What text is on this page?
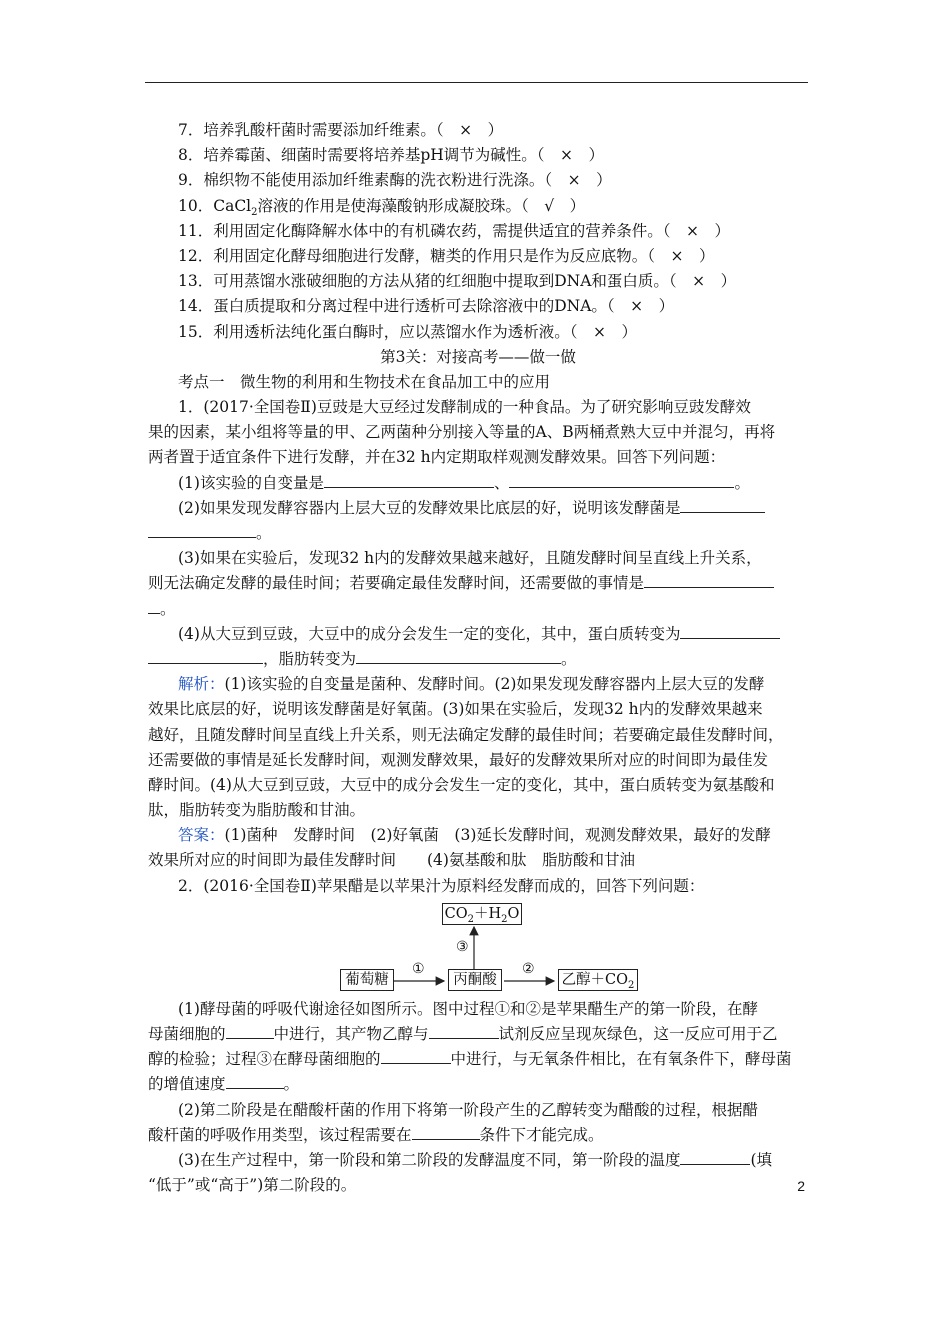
7．培养乳酸杆菌时需要添加纤维素。（　×　）
8．培养霉菌、细菌时需要将培养基pH调节为碱性。（　×　）
9．棉织物不能使用添加纤维素酶的洗衣粉进行洗涤。（　×　）
10．CaCl$_2$溶液的作用是使海藻酸钠形成凝胶珠。（　√　）
11．利用固定化酶降解水体中的有机磷农药，需提供适宜的营养条件。（　×　）
12．利用固定化酵母细胞进行发酵，糖类的作用只是作为反应底物。（　×　）
13．可用蒸馏水涨破细胞的方法从猪的红细胞中提取到DNA和蛋白质。（　×　）
14．蛋白质提取和分离过程中进行透析可去除溶液中的DNA。（　×　）
15．利用透析法纯化蛋白酶时，应以蒸馏水作为透析液。（　×　）
第3关：对接高考——做一做
考点一　微生物的利用和生物技术在食品加工中的应用
1．(2017·全国卷Ⅱ)豆豉是大豆经过发酵制成的一种食品。为了研究影响豆豉发酵效
果的因素，某小组将等量的甲、乙两菌种分别接入等量的A、B两桶煮熟大豆中并混匀，再将
两者置于适宜条件下进行发酵，并在32 h内定期取样观测发酵效果。回答下列问题：
(1)该实验的自变量是	、	。
(2)如果发现发酵容器内上层大豆的发酵效果比底层的好，说明该发酵菌是
。
(3)如果在实验后，发现32 h内的发酵效果越来越好，且随发酵时间呈直线上升关系，
则无法确定发酵的最佳时间；若要确定最佳发酵时间，还需要做的事情是
。
(4)从大豆到豆豉，大豆中的成分会发生一定的变化，其中，蛋白质转变为
，脂肪转变为	。
解析：(1)该实验的自变量是菌种、发酵时间。(2)如果发现发酵容器内上层大豆的发酵
效果比底层的好，说明该发酵菌是好氧菌。(3)如果在实验后，发现32 h内的发酵效果越来
越好，且随发酵时间呈直线上升关系，则无法确定发酵的最佳时间；若要确定最佳发酵时间，
还需要做的事情是延长发酵时间，观测发酵效果，最好的发酵效果所对应的时间即为最佳发
酵时间。(4)从大豆到豆豉，大豆中的成分会发生一定的变化，其中，蛋白质转变为氨基酸和
肽，脂肪转变为脂肪酸和甘油。
答案：(1)菌种　发酵时间　(2)好氧菌　(3)延长发酵时间，观测发酵效果，最好的发酵
效果所对应的时间即为最佳发酵时间　　(4)氨基酸和肽　脂肪酸和甘油
2．(2016·全国卷Ⅱ)苹果醋是以苹果汁为原料经发酵而成的，回答下列问题：
$CO_2+H_2O$
③
葡萄糖
①
丙酮酸
②
乙醇$+CO_2$
(1)酵母菌的呼吸代谢途径如图所示。图中过程①和②是苹果醋生产的第一阶段，在酵
母菌细胞的	中进行，其产物乙醇与	试剂反应呈现灰绿色，这一反应可用于乙
醇的检验；过程③在酵母菌细胞的	中进行，与无氧条件相比，在有氧条件下，酵母菌
的增值速度	。
(2)第二阶段是在醋酸杆菌的作用下将第一阶段产生的乙醇转变为醋酸的过程，根据醋
酸杆菌的呼吸作用类型，该过程需要在	条件下才能完成。
(3)在生产过程中，第一阶段和第二阶段的发酵温度不同，第一阶段的温度	(填
“低于”或“高于”)第二阶段的。	2
